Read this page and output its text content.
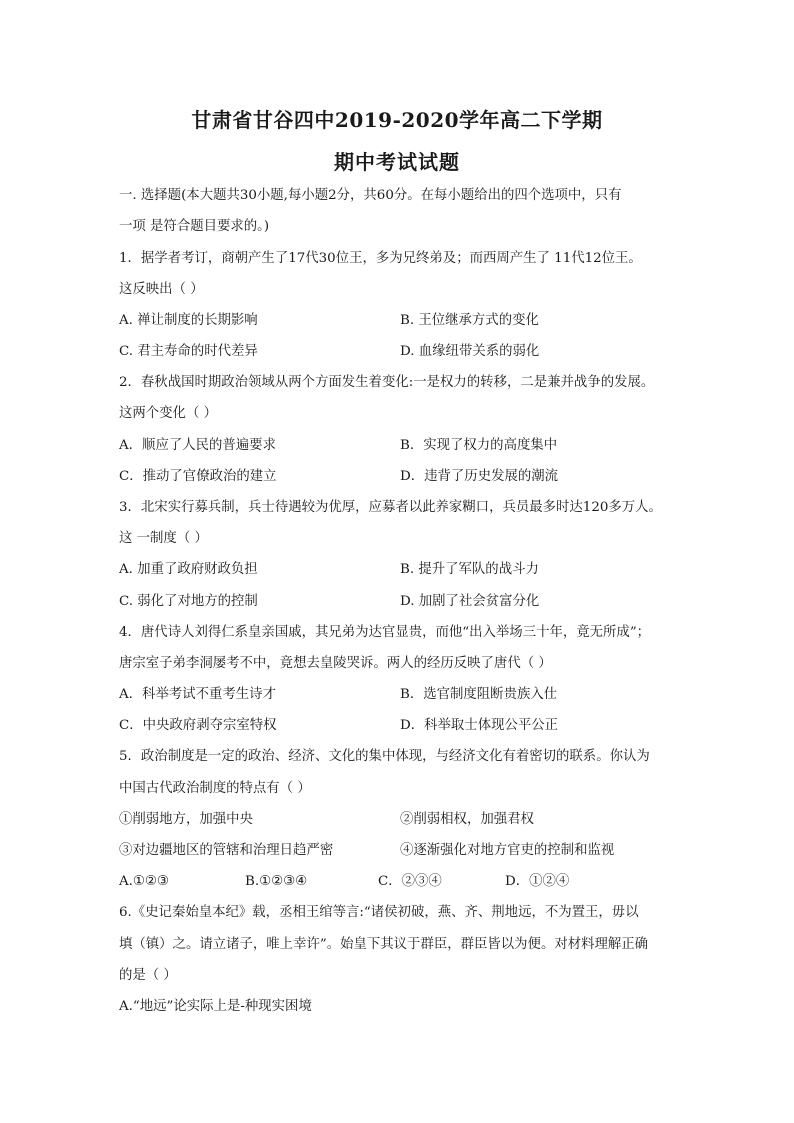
甘肃省甘谷四中2019-2020学年高二下学期
期中考试试题
一. 选择题(本大题共30小题,每小题2分，共60分。在每小题给出的四个选项中，只有
一项 是符合题目要求的。)
1．据学者考订，商朝产生了17代30位王，多为兄终弟及；而西周产生了 11代12位王。
这反映出（ ）
A. 禅让制度的长期影响	B. 王位继承方式的变化
C. 君主寿命的时代差异	D. 血缘纽带关系的弱化
2．春秋战国时期政治领域从两个方面发生着变化:一是权力的转移，二是兼并战争的发展。
这两个变化（ ）
A．顺应了人民的普遍要求	B．实现了权力的高度集中
C．推动了官僚政治的建立	D．违背了历史发展的潮流
3．北宋实行募兵制，兵士待遇较为优厚，应募者以此养家糊口，兵员最多时达120多万人。
这 一制度（ ）
A. 加重了政府财政负担	B. 提升了军队的战斗力
C. 弱化了对地方的控制	D. 加剧了社会贫富分化
4．唐代诗人刘得仁系皇亲国戚，其兄弟为达官显贵，而他“出入举场三十年，竟无所成”；
唐宗室子弟李洞屡考不中，竟想去皇陵哭诉。两人的经历反映了唐代（ ）
A．科举考试不重考生诗才	B．选官制度阻断贵族入仕
C．中央政府剥夺宗室特权	D．科举取士体现公平公正
5．政治制度是一定的政治、经济、文化的集中体现，与经济文化有着密切的联系。你认为
中国古代政治制度的特点有（ ）
①削弱地方，加强中央	②削弱相权，加强君权
③对边疆地区的管辖和治理日趋严密	④逐渐强化对地方官吏的控制和监视
A.①②③	B.①②③④	C．②③④	D．①②④
6.《史记秦始皇本纪》载，丞相王绾等言:“诸侯初破，燕、齐、荆地远，不为置王，毋以
填（镇）之。请立诸子，唯上幸许”。始皇下其议于群臣，群臣皆以为便。对材料理解正确
的是（ ）
A.“地远”论实际上是-种现实困境
